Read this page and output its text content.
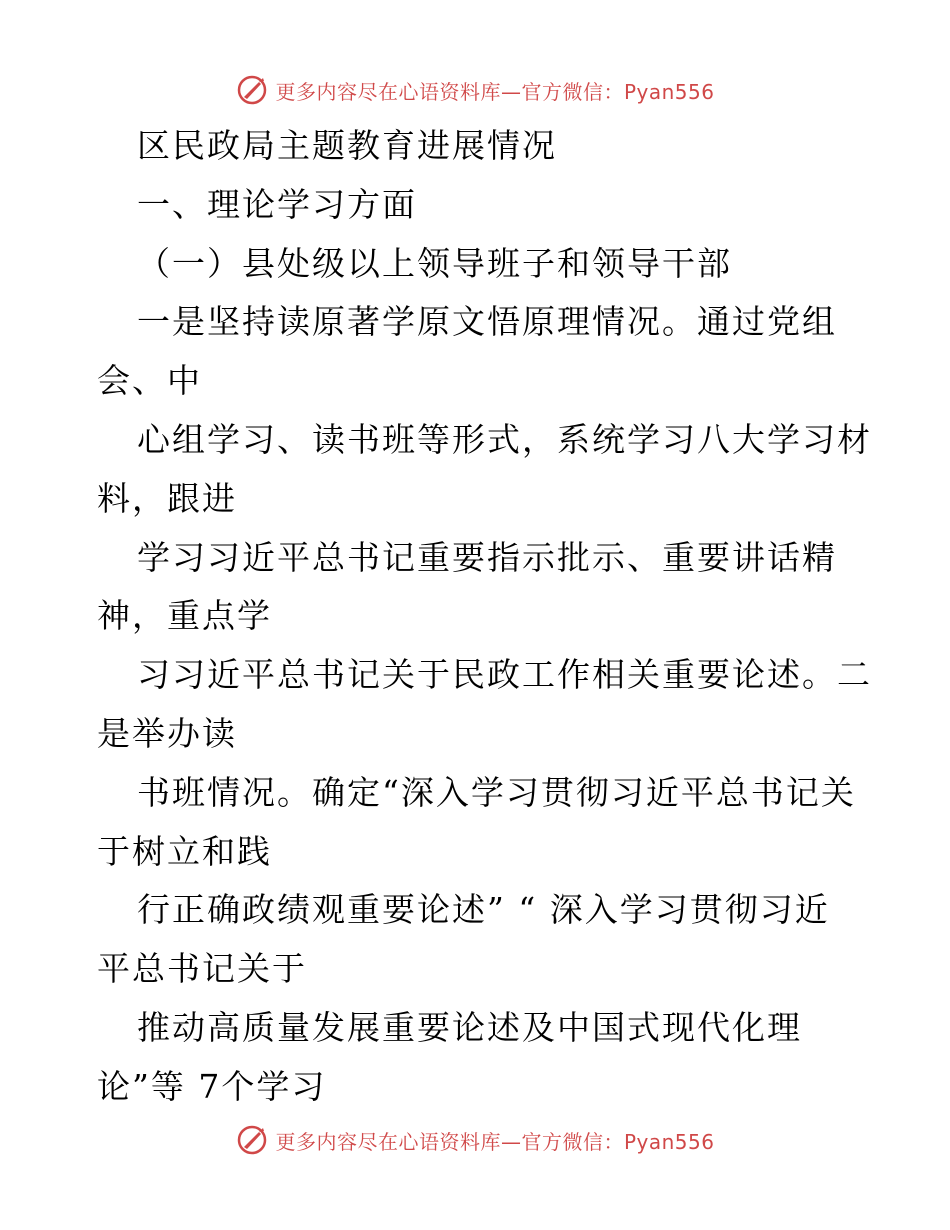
更多内容尽在心语资料库—官方微信：Pyan556
区民政局主题教育进展情况
一、理论学习方面
（一）县处级以上领导班子和领导干部
一是坚持读原著学原文悟原理情况。通过党组
会、中
心组学习、读书班等形式，系统学习八大学习材
料，跟进
学习习近平总书记重要指示批示、重要讲话精
神，重点学
习习近平总书记关于民政工作相关重要论述。二
是举办读
书班情况。确定“深入学习贯彻习近平总书记关
于树立和践
行正确政绩观重要论述” “ 深入学习贯彻习近
平总书记关于
推动高质量发展重要论述及中国式现代化理
论”等 7个学习
更多内容尽在心语资料库—官方微信：Pyan556
